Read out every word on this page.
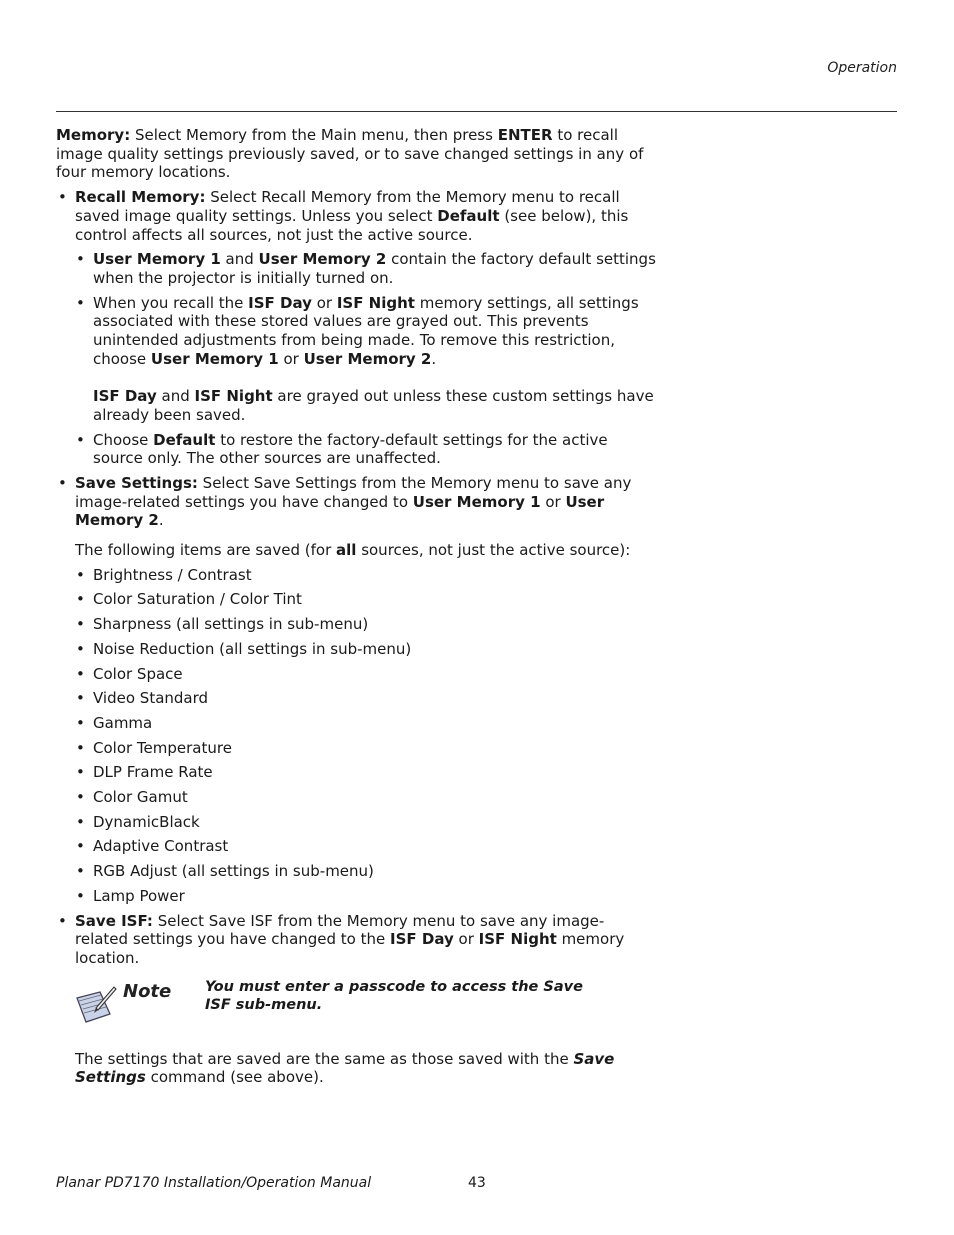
Operation

Memory: Select Memory from the Main menu, then press ENTER to recall image quality settings previously saved, or to save changed settings in any of four memory locations.

• Recall Memory: Select Recall Memory from the Memory menu to recall saved image quality settings. Unless you select Default (see below), this control affects all sources, not just the active source.

• User Memory 1 and User Memory 2 contain the factory default settings when the projector is initially turned on.

• When you recall the ISF Day or ISF Night memory settings, all settings associated with these stored values are grayed out. This prevents unintended adjustments from being made. To remove this restriction, choose User Memory 1 or User Memory 2.

ISF Day and ISF Night are grayed out unless these custom settings have already been saved.

• Choose Default to restore the factory-default settings for the active source only. The other sources are unaffected.

• Save Settings: Select Save Settings from the Memory menu to save any image-related settings you have changed to User Memory 1 or User Memory 2.

The following items are saved (for all sources, not just the active source):

• Brightness / Contrast

• Color Saturation / Color Tint

• Sharpness (all settings in sub-menu)

• Noise Reduction (all settings in sub-menu)

• Color Space

• Video Standard

• Gamma

• Color Temperature

• DLP Frame Rate

• Color Gamut

• DynamicBlack

• Adaptive Contrast

• RGB Adjust (all settings in sub-menu)

• Lamp Power

• Save ISF: Select Save ISF from the Memory menu to save any image-related settings you have changed to the ISF Day or ISF Night memory location.

Note You must enter a passcode to access the Save ISF sub-menu.

The settings that are saved are the same as those saved with the Save Settings command (see above).

Planar PD7170 Installation/Operation Manual	43
